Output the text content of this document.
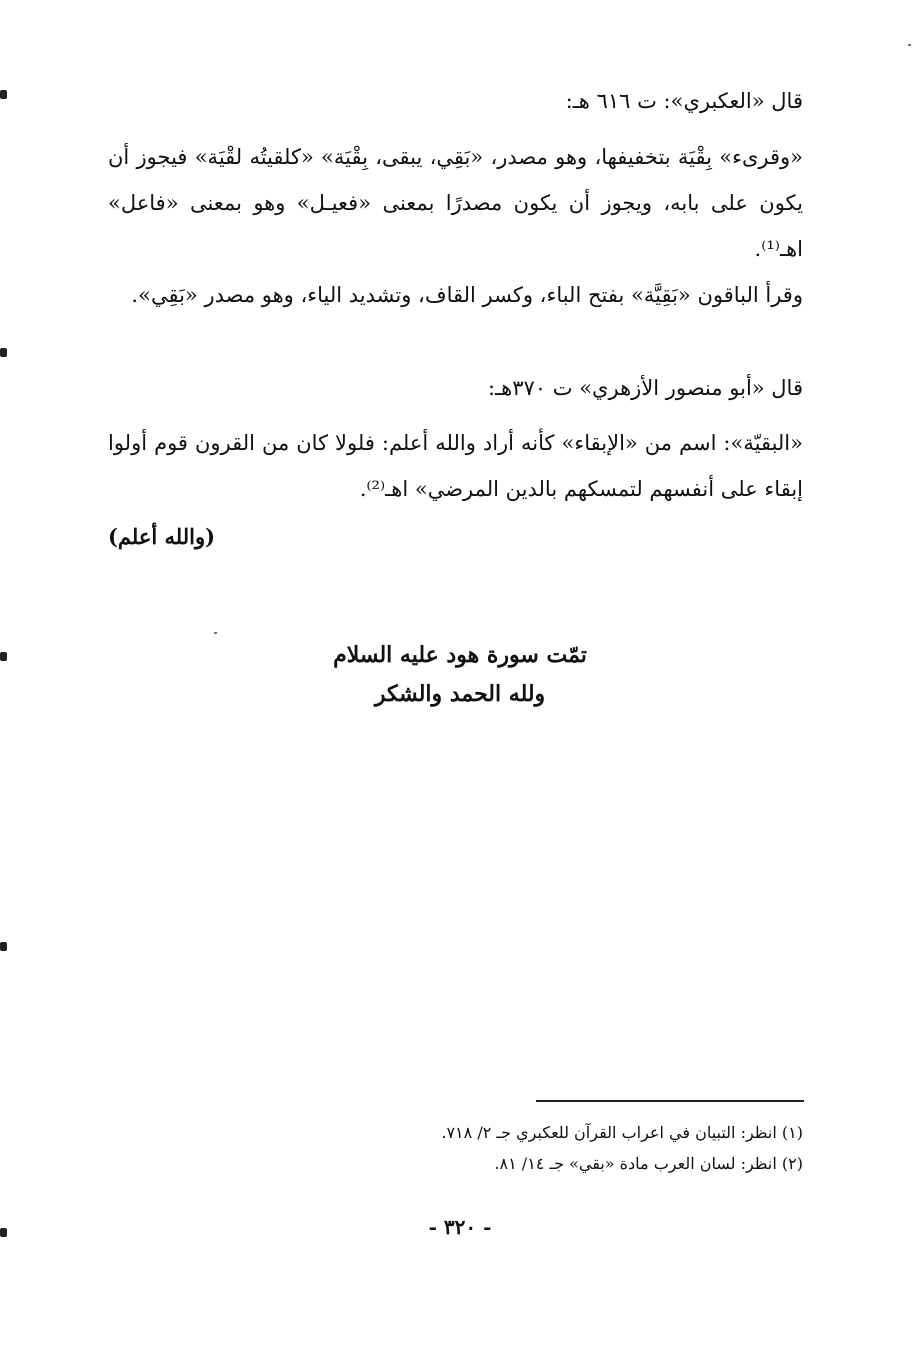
قال «العكبري»: ت ٦١٦ هـ:

«وقرىء» بِقْيَة بتخفيفها، وهو مصدر، «بَقِي، يبقى، بِقْيَة» «كلقيتُه لقْيَة» فيجوز أن يكون على بابه، ويجوز أن يكون مصدرًا بمعنى «فعيـل» وهو بمعنى «فاعل» اهـ⁽¹⁾.

وقرأ الباقون «بَقِيَّة» بفتح الباء، وكسر القاف، وتشديد الياء، وهو مصدر «بَقِي».

قال «أبو منصور الأزهري» ت ٣٧٠هـ:

«البقيّة»: اسم من «الإبقاء» كأنه أراد والله أعلم: فلولا كان من القرون قوم أولوا إبقاء على أنفسهم لتمسكهم بالدين المرضي» اهـ⁽²⁾.

(والله أعلم)
تمّت سورة هود عليه السلام
ولله الحمد والشكر
(١) انظر: التبيان في اعراب القرآن للعكبري جـ ٢/ ٧١٨.
(٢) انظر: لسان العرب مادة «بقي» جـ ١٤/ ٨١.
- ٣٢٠ -
